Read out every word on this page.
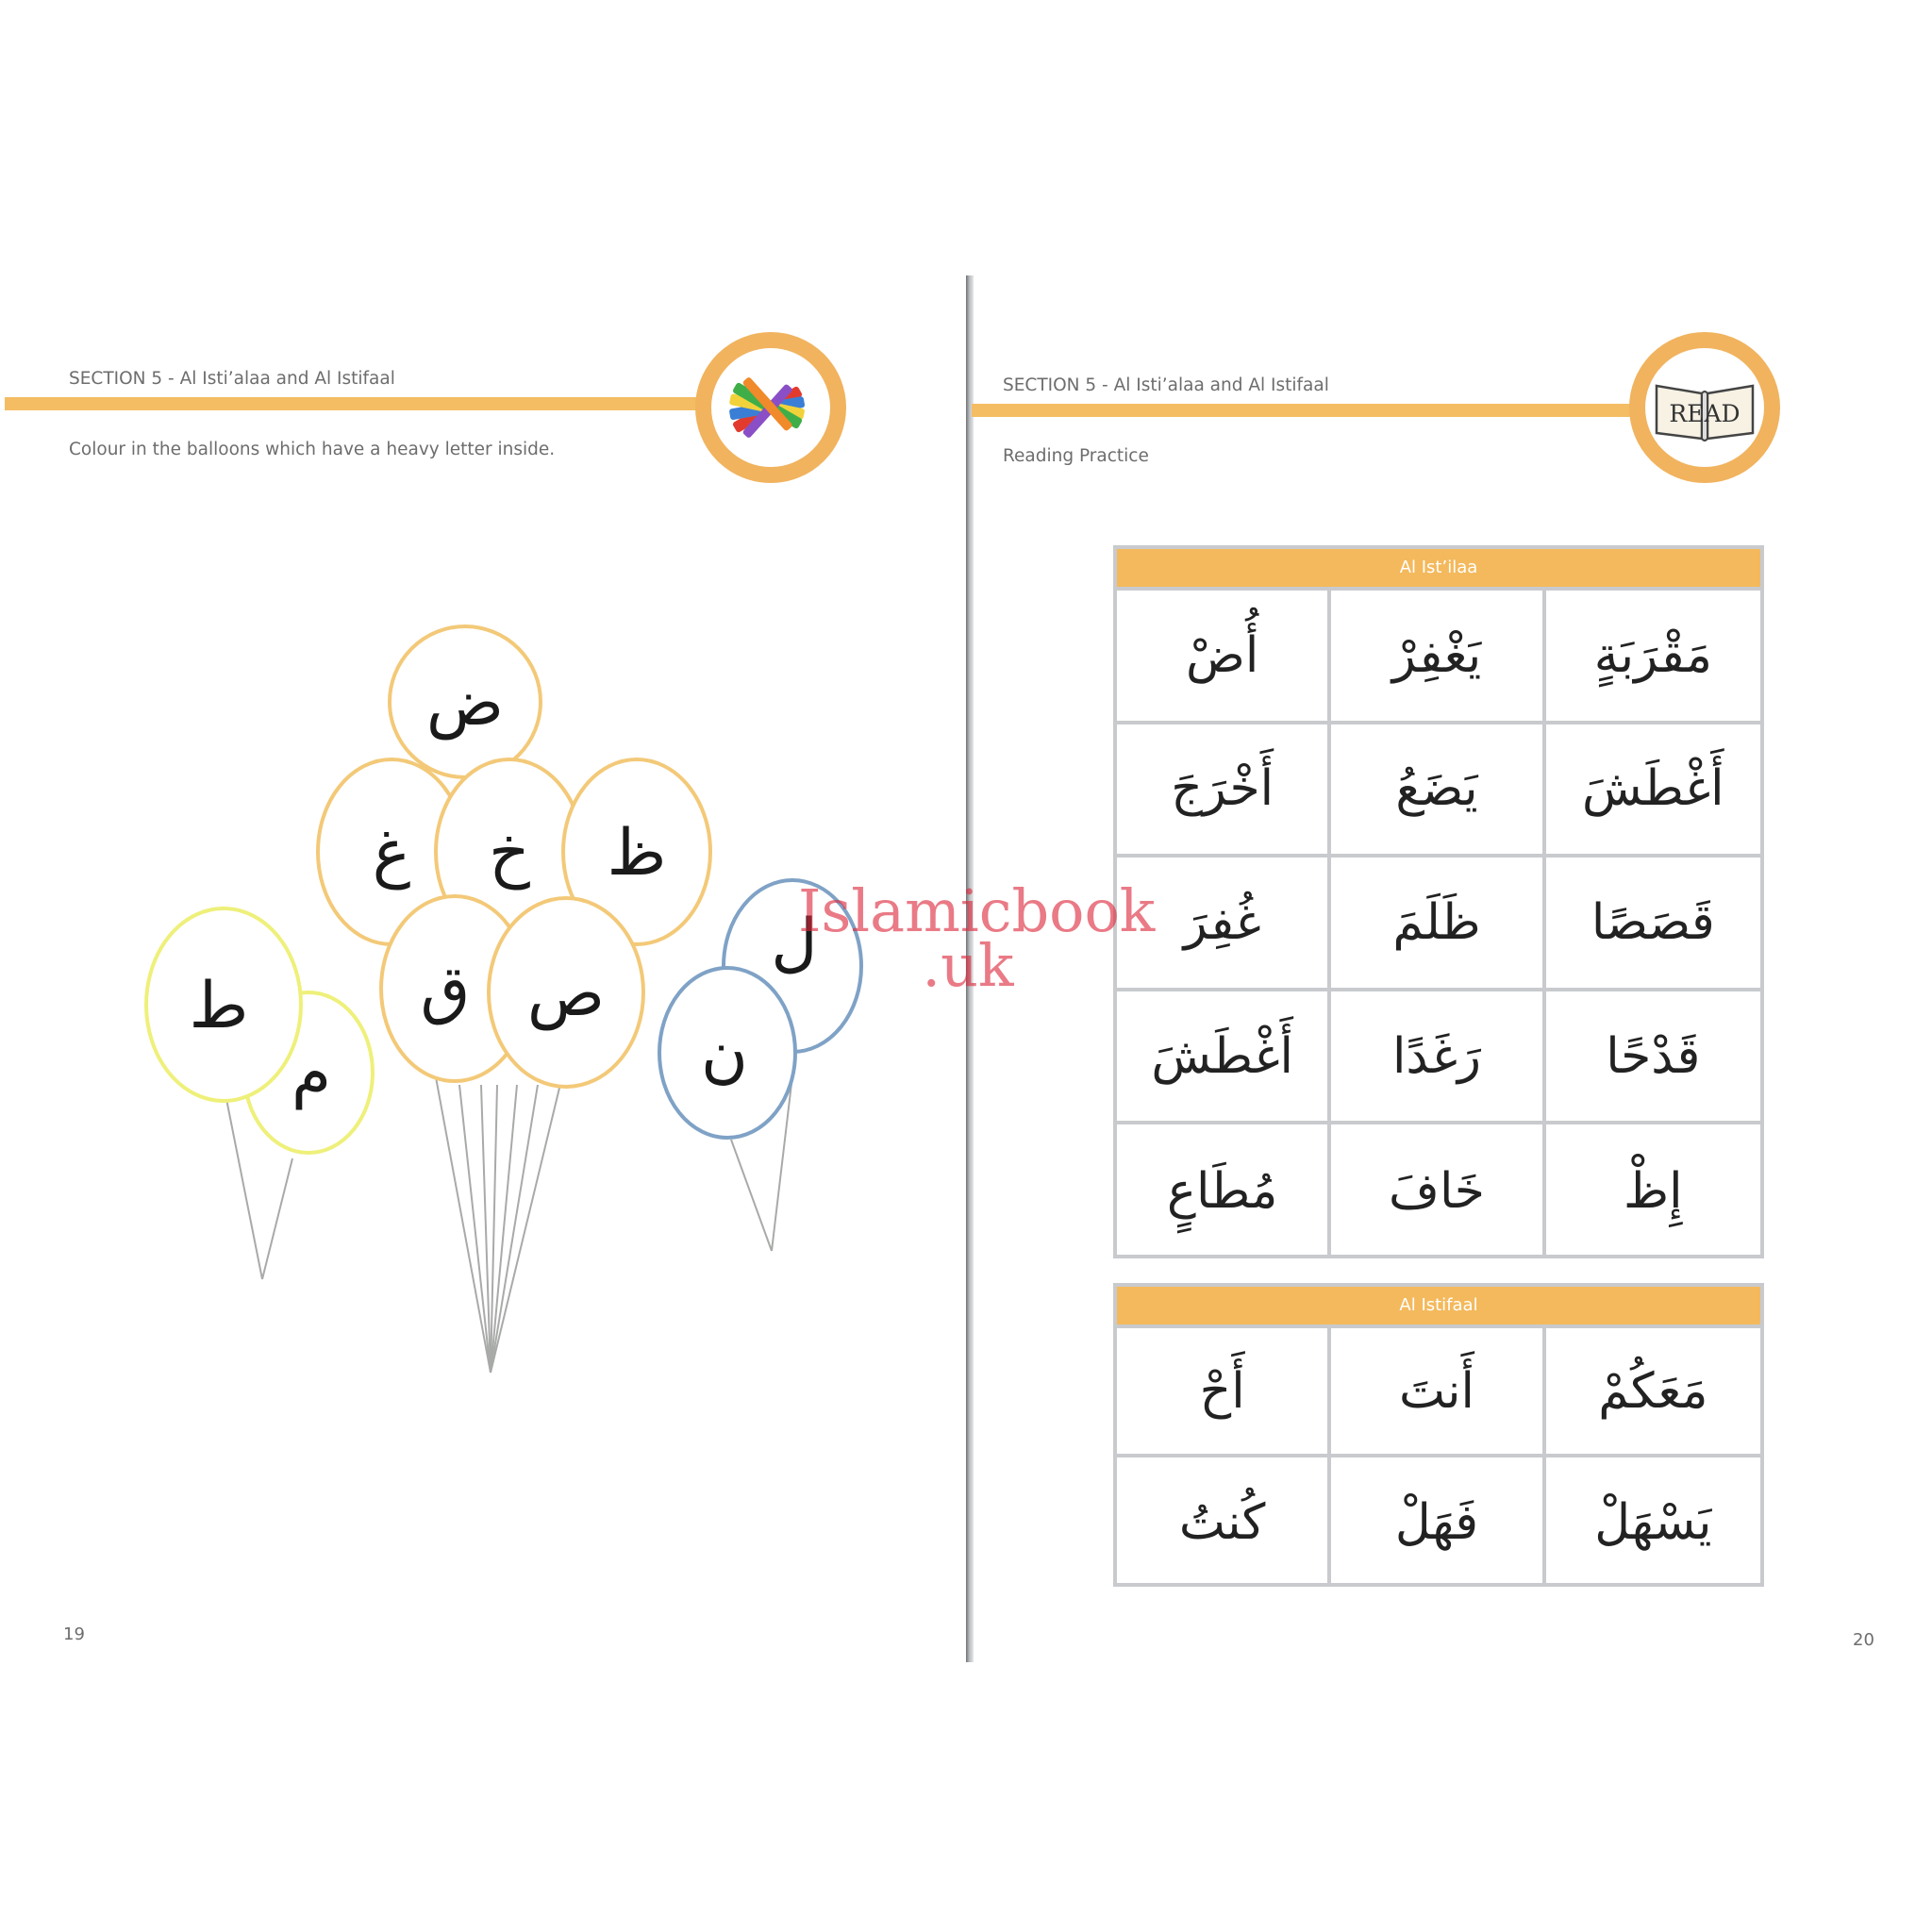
SECTION 5 - Al Isti’alaa and Al Istifaal
Colour in the balloons which have a heavy letter inside.
ض
غ خ ظ
ق ص
ط
م
ل
ن
19
SECTION 5 - Al Isti’alaa and Al Istifaal
READ
Reading Practice
Al Ist’ilaa
أُضْ	يَغْفِرْ	مَقْرَبَةٍ
أَخْرَجَ	يَضَعُ	أَغْطَشَ
غُفِرَ	ظَلَمَ	قَصَصًا
أَغْطَشَ	رَغَدًا	قَدْحًا
مُطَاعٍ	خَافَ	إِظْ
Al Istifaal
أَحْ	أَنتَ	مَعَكُمْ
كُنتُ	فَهَلْ	يَسْهَلْ
20
Islamicbook
.uk
